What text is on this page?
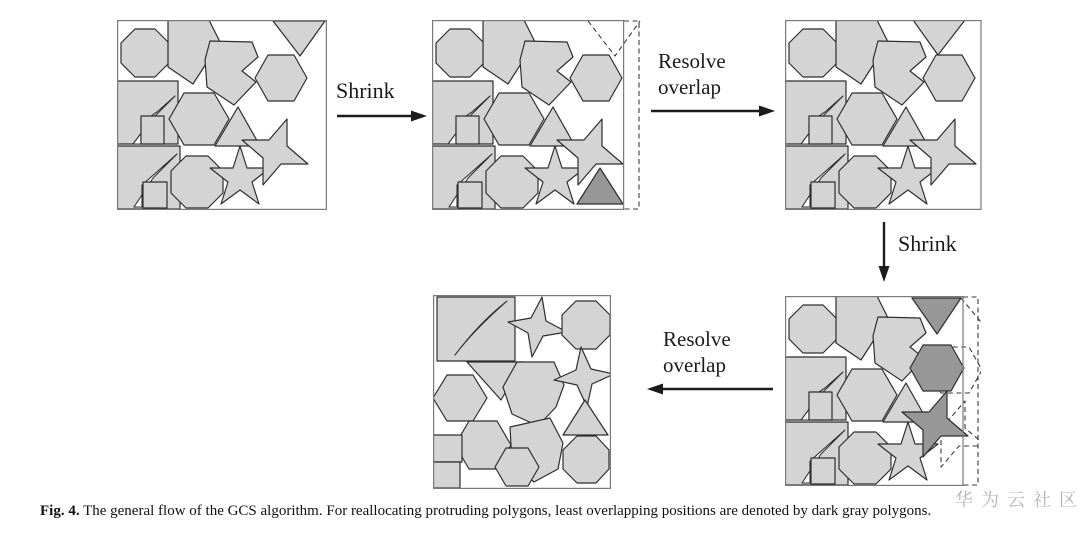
Shrink
Resolve
overlap
Shrink
Resolve
overlap
Fig. 4. The general flow of the GCS algorithm. For reallocating protruding polygons, least overlapping positions are denoted by dark gray polygons.	华为云社区
